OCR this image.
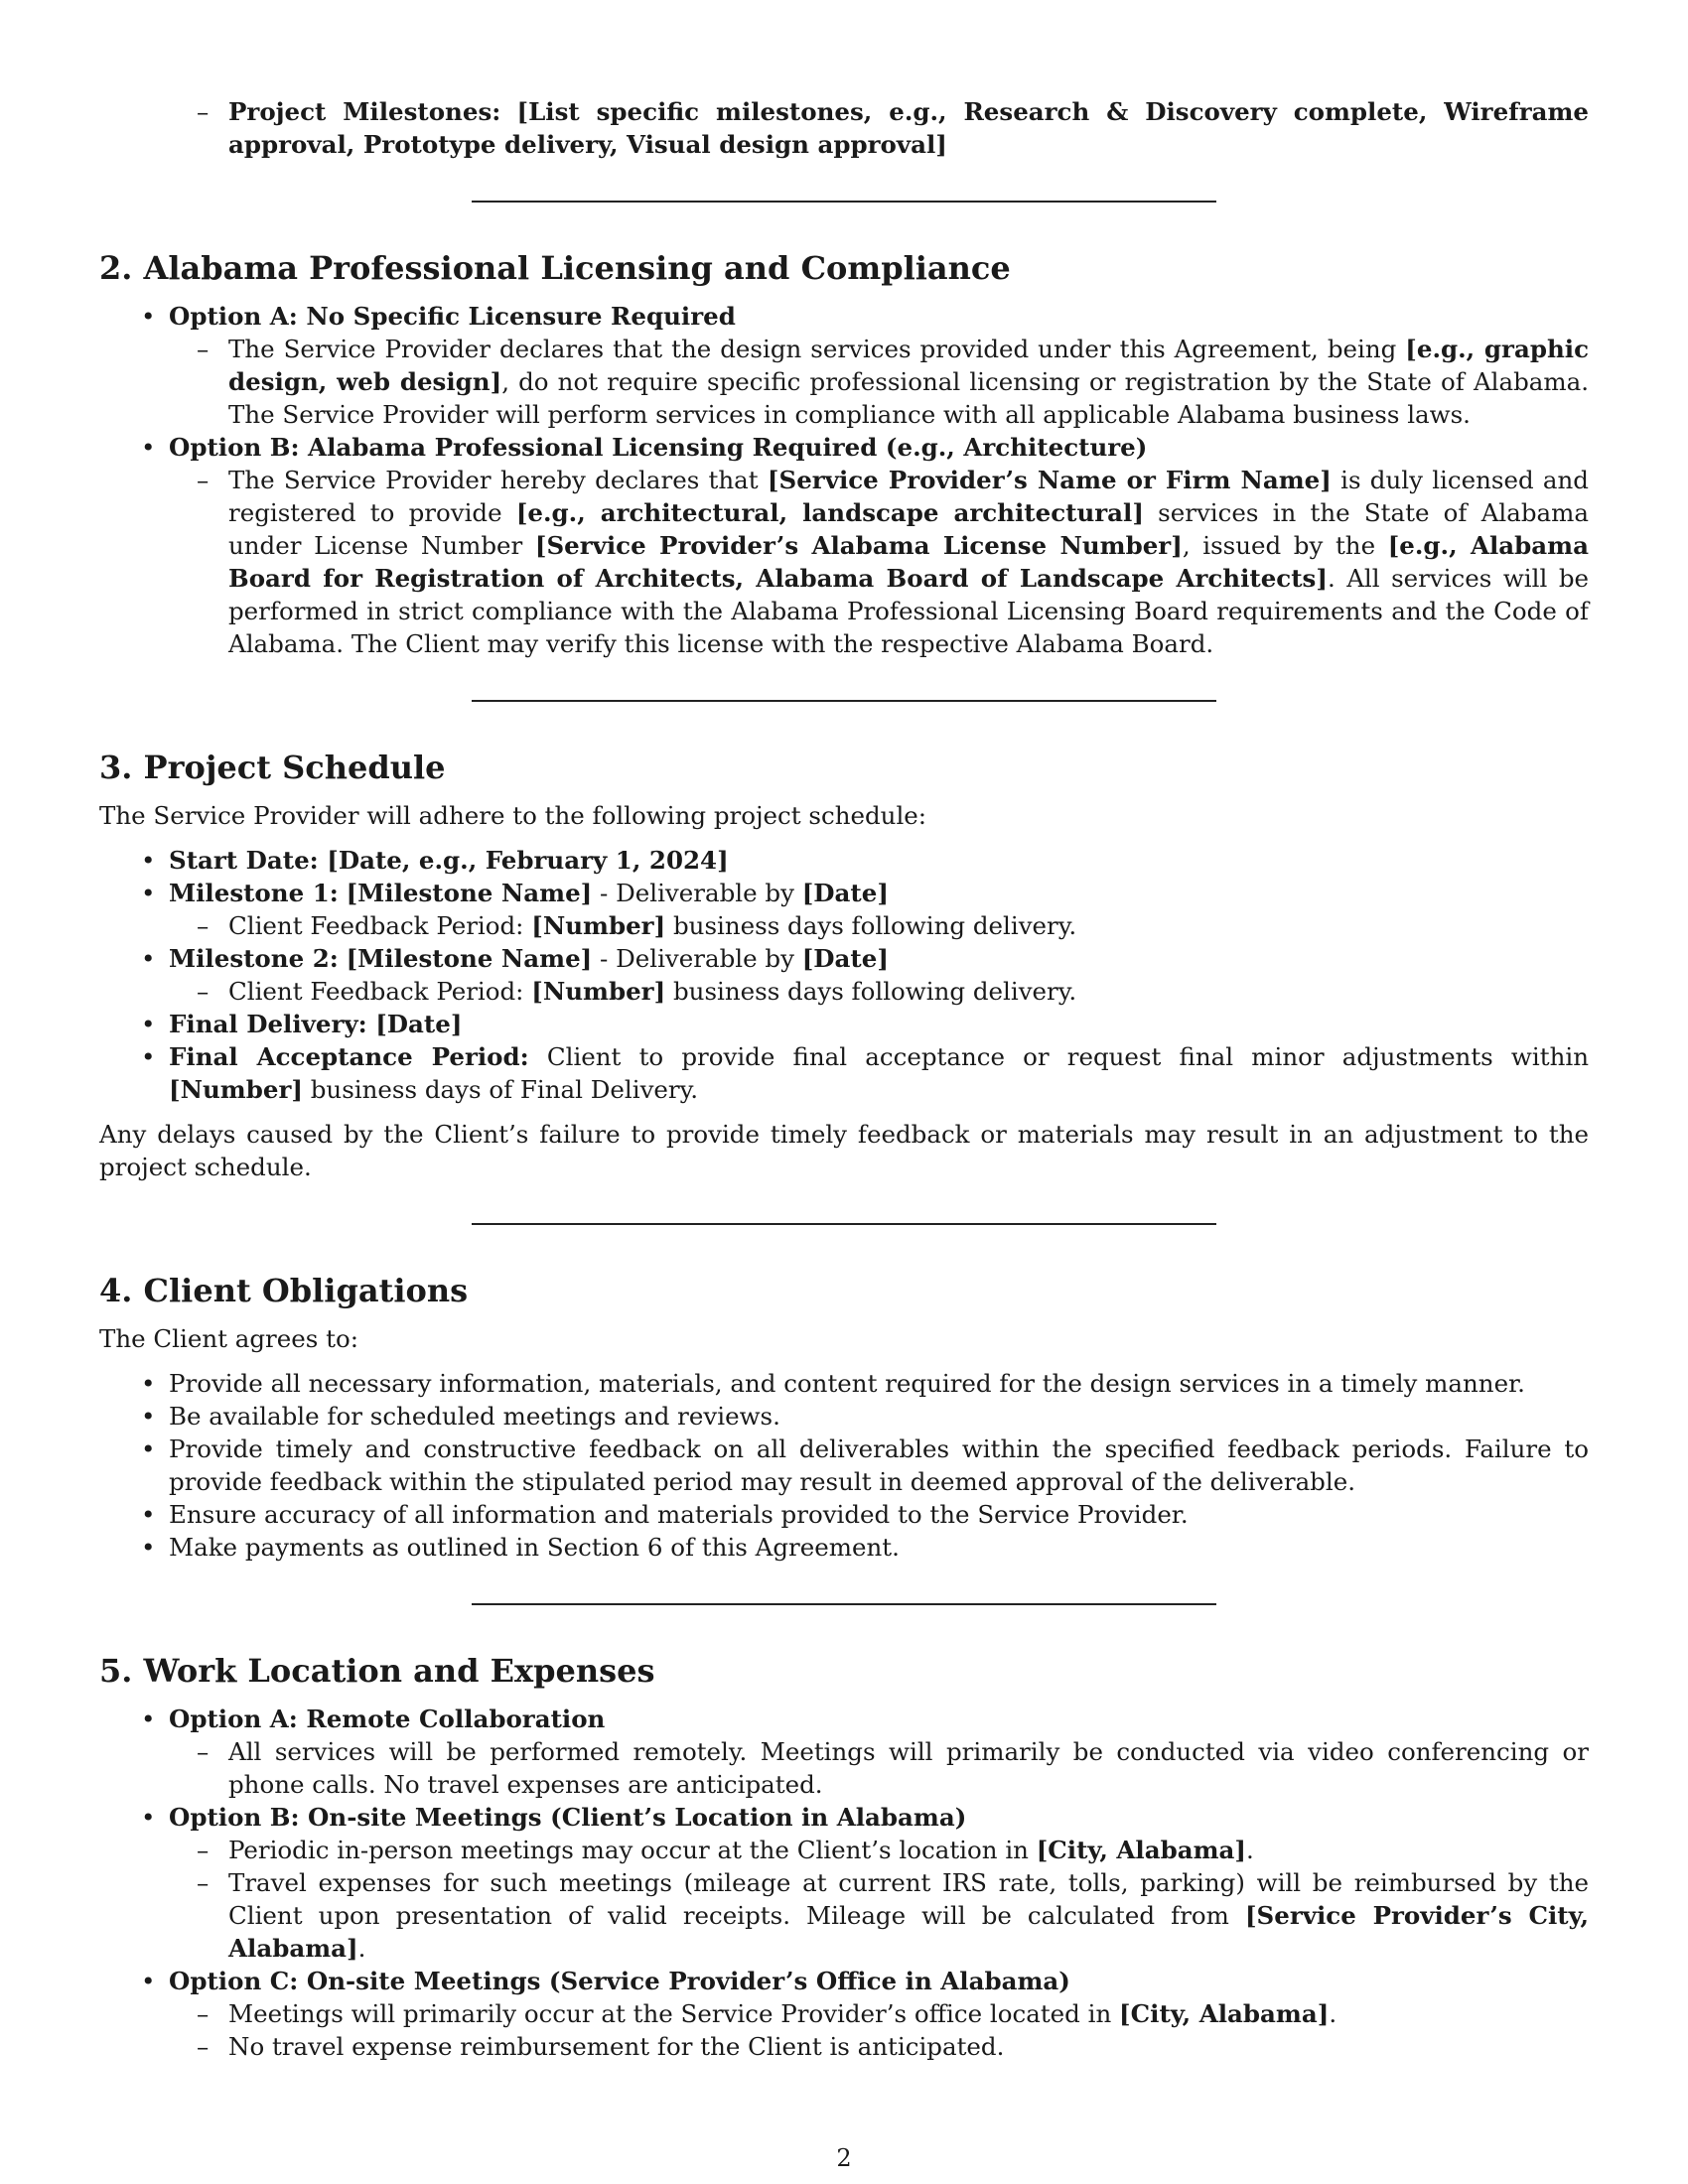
– Project Milestones: [List specific milestones, e.g., Research & Discovery complete, Wireframe approval, Prototype delivery, Visual design approval]
2. Alabama Professional Licensing and Compliance
• Option A: No Specific Licensure Required
– The Service Provider declares that the design services provided under this Agreement, being [e.g., graphic design, web design], do not require specific professional licensing or registration by the State of Alabama. The Service Provider will perform services in compliance with all applicable Alabama business laws.
• Option B: Alabama Professional Licensing Required (e.g., Architecture)
– The Service Provider hereby declares that [Service Provider’s Name or Firm Name] is duly licensed and registered to provide [e.g., architectural, landscape architectural] services in the State of Alabama under License Number [Service Provider’s Alabama License Number], issued by the [e.g., Alabama Board for Registration of Architects, Alabama Board of Landscape Architects]. All services will be performed in strict compliance with the Alabama Professional Licensing Board requirements and the Code of Alabama. The Client may verify this license with the respective Alabama Board.
3. Project Schedule

The Service Provider will adhere to the following project schedule:

• Start Date: [Date, e.g., February 1, 2024]
• Milestone 1: [Milestone Name] - Deliverable by [Date]
– Client Feedback Period: [Number] business days following delivery.
• Milestone 2: [Milestone Name] - Deliverable by [Date]
– Client Feedback Period: [Number] business days following delivery.
• Final Delivery: [Date]
• Final Acceptance Period: Client to provide final acceptance or request final minor adjustments within [Number] business days of Final Delivery.

Any delays caused by the Client’s failure to provide timely feedback or materials may result in an adjustment to the project schedule.

4. Client Obligations

The Client agrees to:

• Provide all necessary information, materials, and content required for the design services in a timely manner.
• Be available for scheduled meetings and reviews.
• Provide timely and constructive feedback on all deliverables within the specified feedback periods. Failure to provide feedback within the stipulated period may result in deemed approval of the deliverable.
• Ensure accuracy of all information and materials provided to the Service Provider.
• Make payments as outlined in Section 6 of this Agreement.
5. Work Location and Expenses
• Option A: Remote Collaboration
– All services will be performed remotely. Meetings will primarily be conducted via video conferencing or phone calls. No travel expenses are anticipated.
• Option B: On-site Meetings (Client’s Location in Alabama)
– Periodic in-person meetings may occur at the Client’s location in [City, Alabama].
– Travel expenses for such meetings (mileage at current IRS rate, tolls, parking) will be reimbursed by the Client upon presentation of valid receipts. Mileage will be calculated from [Service Provider’s City, Alabama].
• Option C: On-site Meetings (Service Provider’s Office in Alabama)
– Meetings will primarily occur at the Service Provider’s office located in [City, Alabama].
– No travel expense reimbursement for the Client is anticipated.
2
